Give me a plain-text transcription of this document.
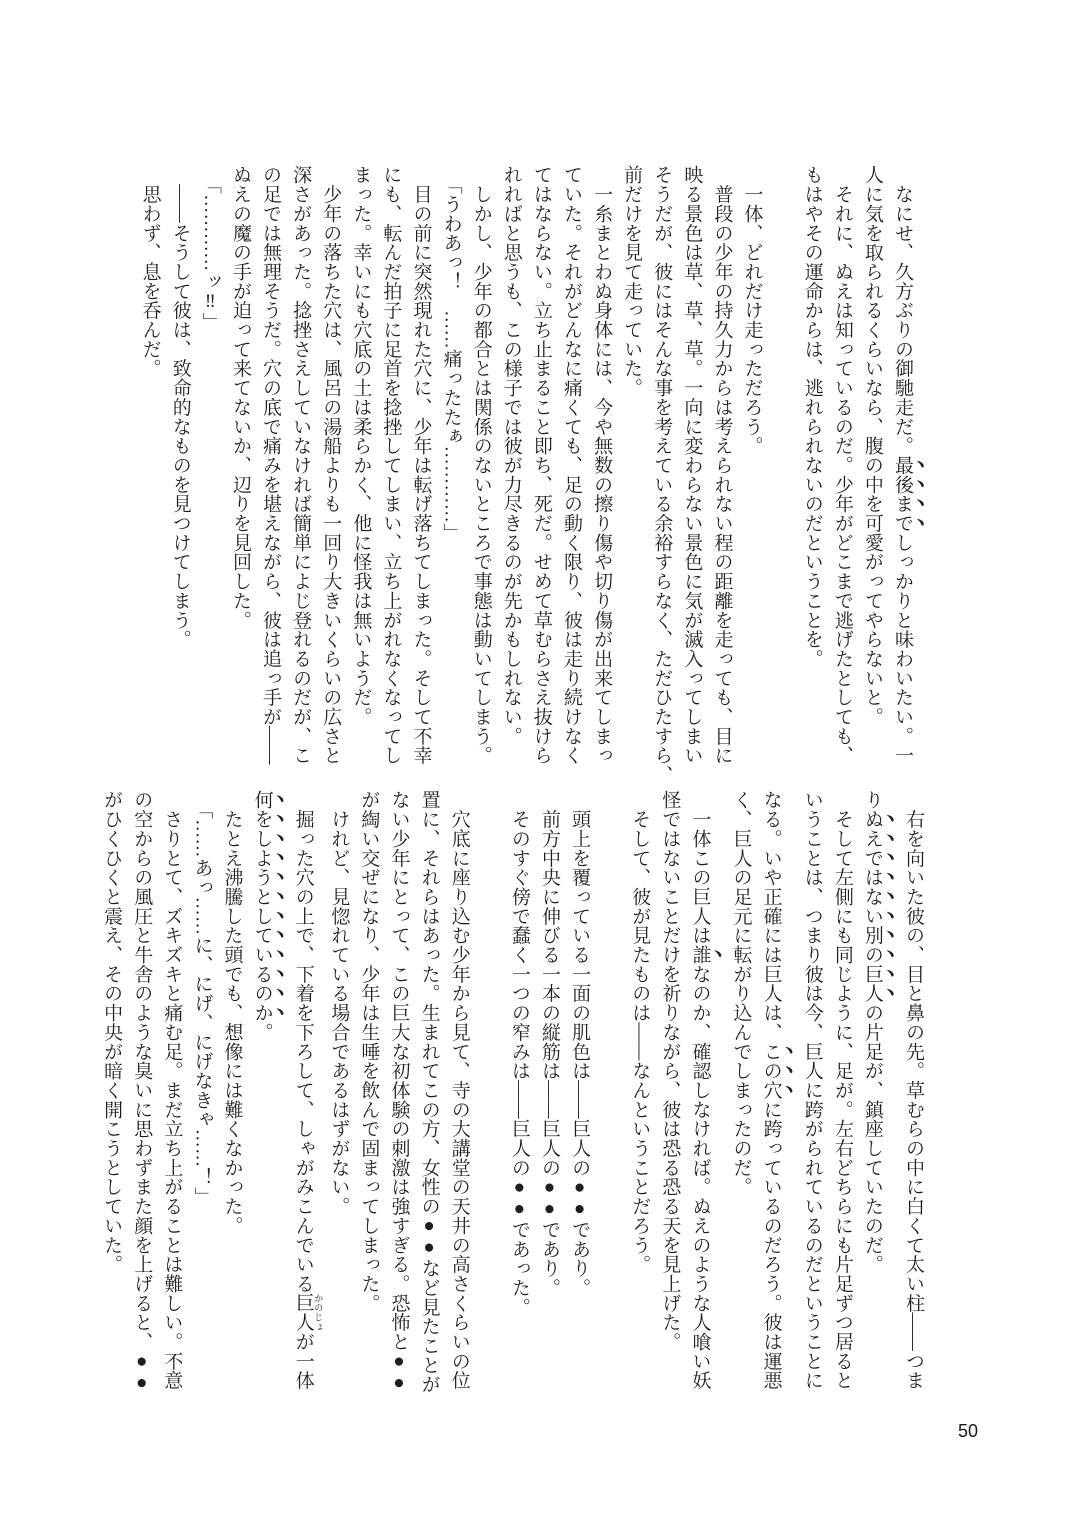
　なにせ、久方ぶりの御馳走だ。最後までしっかりと味わいたい。一

人に気を取られるくらいなら、腹の中を可愛がってやらないと。

　それに、ぬえは知っているのだ。少年がどこまで逃げたとしても、

もはやその運命からは、逃れられないのだということを。

　一体、どれだけ走っただろう。

　普段の少年の持久力からは考えられない程の距離を走っても、目に

映る景色は草、草、草。一向に変わらない景色に気が滅入ってしまい

そうだが、彼にはそんな事を考えている余裕すらなく、ただひたすら、

前だけを見て走っていた。

　一糸まとわぬ身体には、今や無数の擦り傷や切り傷が出来てしまっ

ていた。それがどんなに痛くても、足の動く限り、彼は走り続けなく

てはならない。立ち止まること即ち、死だ。せめて草むらさえ抜けら

れればと思うも、この様子では彼が力尽きるのが先かもしれない。

　しかし、少年の都合とは関係のないところで事態は動いてしまう。

　「うわあっ！　……痛ったたぁ…………」

　目の前に突然現れた穴に、少年は転げ落ちてしまった。そして不幸

にも、転んだ拍子に足首を捻挫してしまい、立ち上がれなくなってし

まった。幸いにも穴底の土は柔らかく、他に怪我は無いようだ。

　少年の落ちた穴は、風呂の湯船よりも一回り大きいくらいの広さと

深さがあった。捻挫さえしていなければ簡単によじ登れるのだが、こ

の足では無理そうだ。穴の底で痛みを堪えながら、彼は追っ手が――

ぬえの魔の手が迫って来てないか、辺りを見回した。

　「…………ッ‼」

　――そうして彼は、致命的なものを見つけてしまう。

　思わず、息を呑んだ。

　右を向いた彼の、目と鼻の先。草むらの中に白くて太い柱――つま

りぬえではない別の巨人の片足が、鎮座していたのだ。

　そして左側にも同じように、足が。左右どちらにも片足ずつ居ると

いうことは、つまり彼は今、巨人に跨がられているのだということに

なる。いや正確には巨人は、この穴に跨っているのだろう。彼は運悪

く、巨人の足元に転がり込んでしまったのだ。

　一体この巨人は誰なのか、確認しなければ。ぬえのような人喰い妖

怪ではないことだけを祈りながら、彼は恐る恐る天を見上げた。

　そして、彼が見たものは――なんということだろう。

　頭上を覆っている一面の肌色は――巨人の●●であり。

　前方中央に伸びる一本の縦筋は――巨人の●●であり。

　そのすぐ傍で蠢く一つの窄みは――巨人の●●であった。

　穴底に座り込む少年から見て、寺の大講堂の天井の高さくらいの位

置に、それらはあった。生まれてこの方、女性の●●など見たことが

ない少年にとって、この巨大な初体験の刺激は強すぎる。恐怖と●●

が綯い交ぜになり、少年は生唾を飲んで固まってしまった。

　けれど、見惚れている場合であるはずがない。

　掘った穴の上で、下着を下ろして、しゃがみこんでいる巨人 かのじょが一体

何をしようとしているのか。

　たとえ沸騰した頭でも、想像には難くなかった。

　「……あっ……に、にげ、にげなきゃ……！」

　さりとて、ズキズキと痛む足。まだ立ち上がることは難しい。不意

の空からの風圧と牛舎のような臭いに思わずまた顔を上げると、●●

がひくひくと震え、その中央が暗く開こうとしていた。

50
